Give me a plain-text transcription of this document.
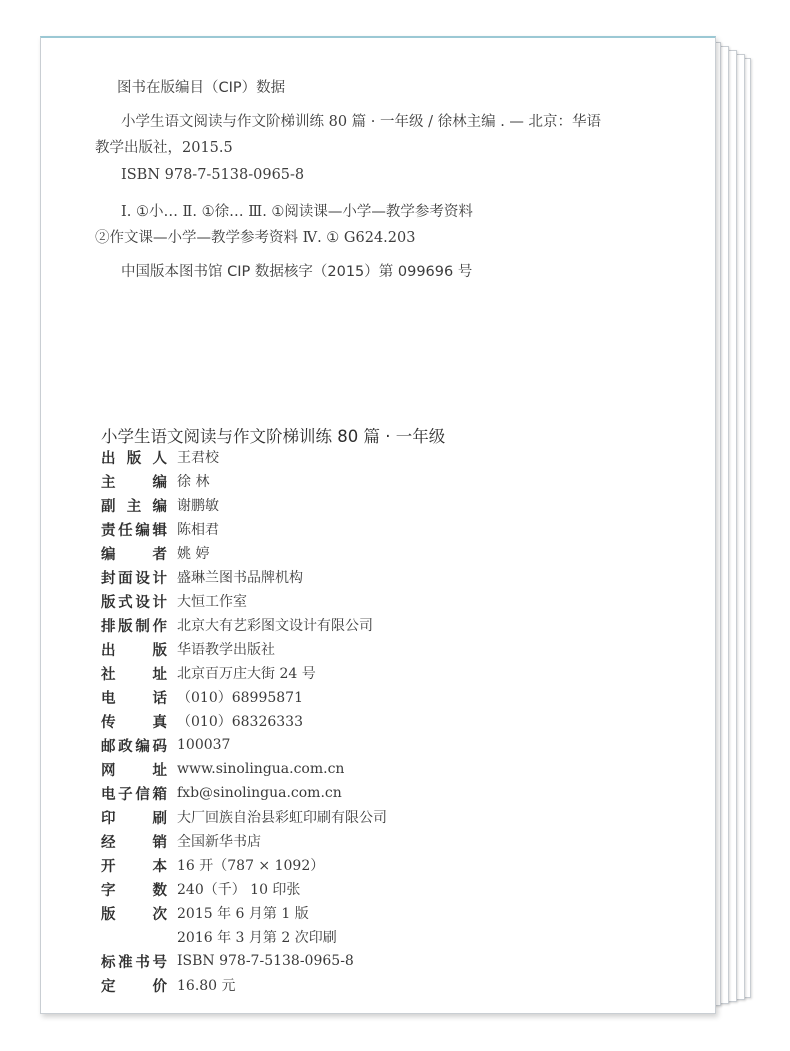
图书在版编目（CIP）数据
小学生语文阅读与作文阶梯训练 80 篇 · 一年级 / 徐林主编 . — 北京：华语
教学出版社，2015.5
ISBN 978-7-5138-0965-8
Ⅰ. ①小… Ⅱ. ①徐… Ⅲ. ①阅读课—小学—教学参考资料
②作文课—小学—教学参考资料 Ⅳ. ① G624.203
中国版本图书馆 CIP 数据核字（2015）第 099696 号
小学生语文阅读与作文阶梯训练 80 篇 · 一年级
出版人 王君校
主编 徐 林
副主编 谢鹏敏
责任编辑 陈相君
编者 姚 婷
封面设计 盛琳兰图书品牌机构
版式设计 大恒工作室
排版制作 北京大有艺彩图文设计有限公司
出版 华语教学出版社
社址 北京百万庄大街 24 号
电话 （010）68995871
传真 （010）68326333
邮政编码 100037
网址 www.sinolingua.com.cn
电子信箱 fxb@sinolingua.com.cn
印刷 大厂回族自治县彩虹印刷有限公司
经销 全国新华书店
开本 16 开（787 × 1092）
字数 240（千） 10 印张
版次 2015 年 6 月第 1 版
2016 年 3 月第 2 次印刷
标准书号 ISBN 978-7-5138-0965-8
定价 16.80 元
